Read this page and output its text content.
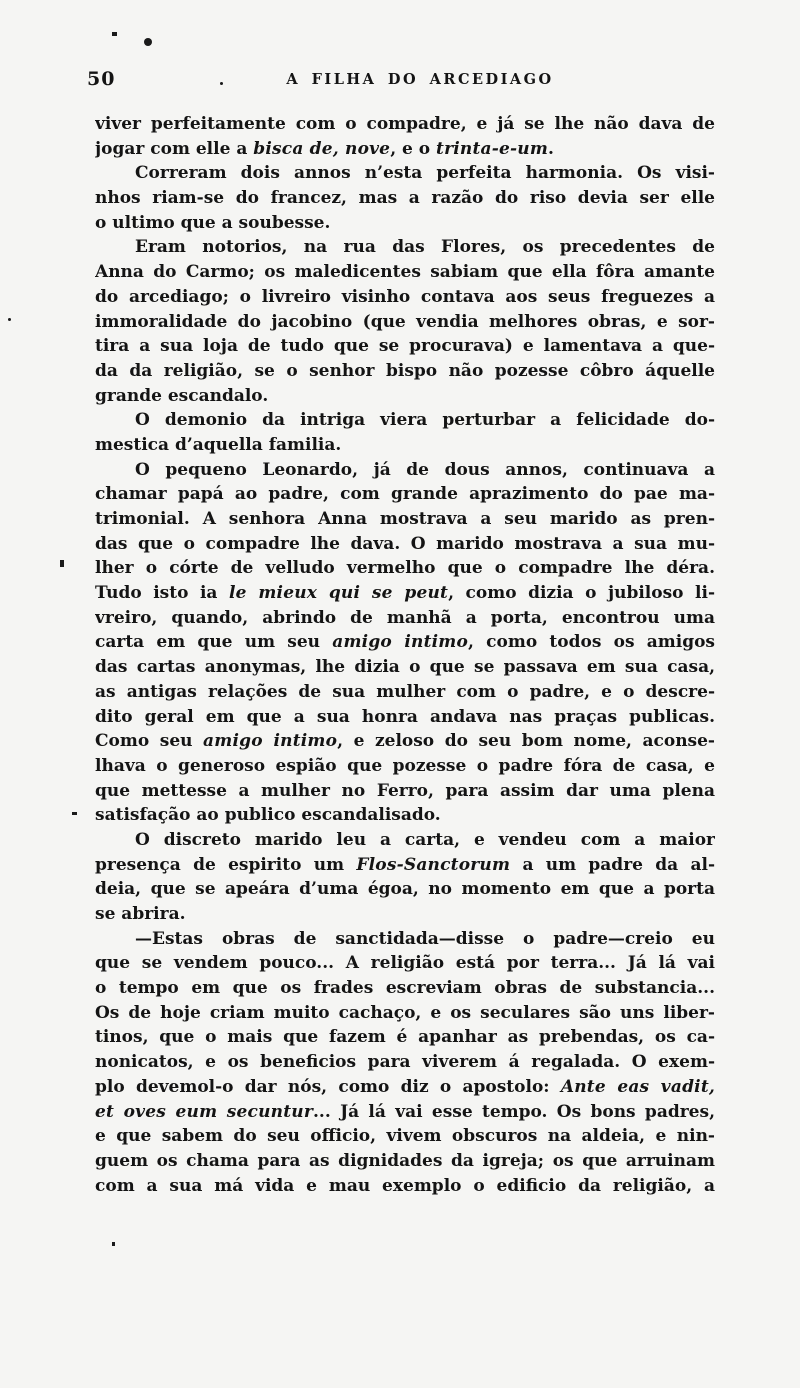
50	A FILHA DO ARCEDIAGO
viver perfeitamente com o compadre, e já se lhe não dava de
jogar com elle a bisca de, nove, e o trinta-e-um.
Correram dois annos n’esta perfeita harmonia. Os visi-
nhos riam-se do francez, mas a razão do riso devia ser elle
o ultimo que a soubesse.
Eram notorios, na rua das Flores, os precedentes de
Anna do Carmo; os maledicentes sabiam que ella fôra amante
do arcediago; o livreiro visinho contava aos seus freguezes a
immoralidade do jacobino (que vendia melhores obras, e sor-
tira a sua loja de tudo que se procurava) e lamentava a que-
da da religião, se o senhor bispo não pozesse côbro áquelle
grande escandalo.
O demonio da intriga viera perturbar a felicidade do-
mestica d’aquella familia.
O pequeno Leonardo, já de dous annos, continuava a
chamar papá ao padre, com grande aprazimento do pae ma-
trimonial. A senhora Anna mostrava a seu marido as pren-
das que o compadre lhe dava. O marido mostrava a sua mu-
lher o córte de velludo vermelho que o compadre lhe déra.
Tudo isto ia le mieux qui se peut, como dizia o jubiloso li-
vreiro, quando, abrindo de manhã a porta, encontrou uma
carta em que um seu amigo intimo, como todos os amigos
das cartas anonymas, lhe dizia o que se passava em sua casa,
as antigas relações de sua mulher com o padre, e o descre-
dito geral em que a sua honra andava nas praças publicas.
Como seu amigo intimo, e zeloso do seu bom nome, aconse-
lhava o generoso espião que pozesse o padre fóra de casa, e
que mettesse a mulher no Ferro, para assim dar uma plena
satisfação ao publico escandalisado.
O discreto marido leu a carta, e vendeu com a maior
presença de espirito um Flos-Sanctorum a um padre da al-
deia, que se apeára d’uma égoa, no momento em que a porta
se abrira.
—Estas obras de sanctidada—disse o padre—creio eu
que se vendem pouco... A religião está por terra... Já lá vai
o tempo em que os frades escreviam obras de substancia...
Os de hoje criam muito cachaço, e os seculares são uns liber-
tinos, que o mais que fazem é apanhar as prebendas, os ca-
nonicatos, e os beneficios para viverem á regalada. O exem-
plo devemol-o dar nós, como diz o apostolo: Ante eas vadit,
et oves eum secuntur... Já lá vai esse tempo. Os bons padres,
e que sabem do seu officio, vivem obscuros na aldeia, e nin-
guem os chama para as dignidades da igreja; os que arruinam
com a sua má vida e mau exemplo o edificio da religião, a
